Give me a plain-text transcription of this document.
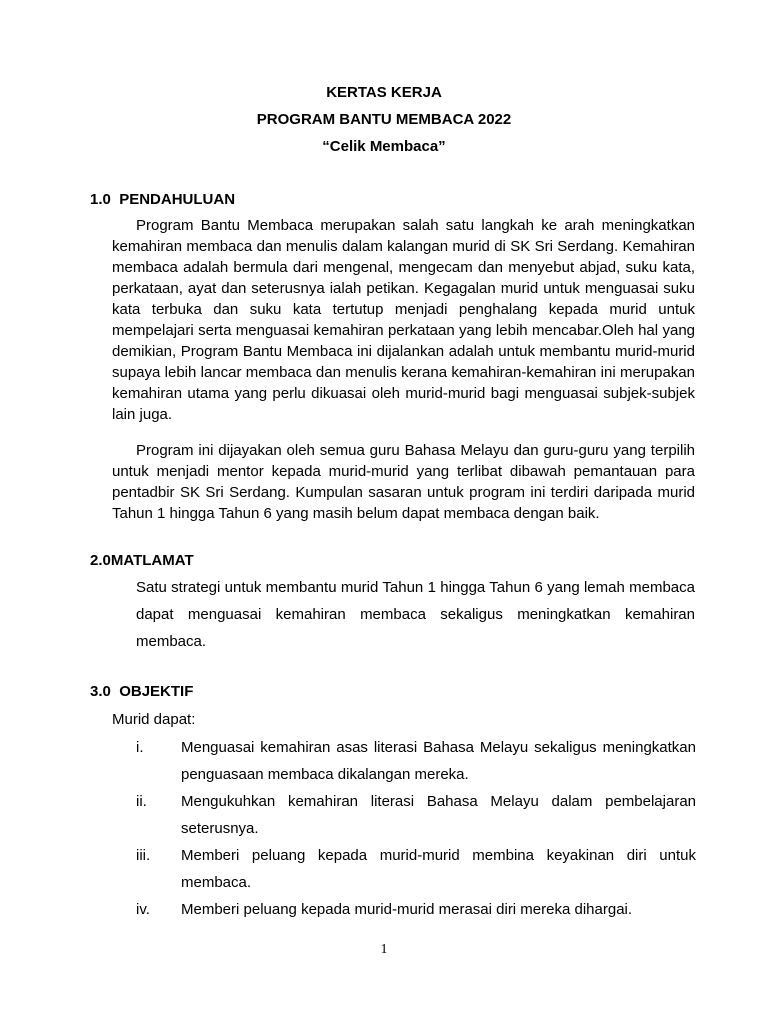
KERTAS KERJA
PROGRAM BANTU MEMBACA 2022
“Celik Membaca”
1.0 PENDAHULUAN
Program Bantu Membaca merupakan salah satu langkah ke arah meningkatkan kemahiran membaca dan menulis dalam kalangan murid di SK Sri Serdang. Kemahiran membaca adalah bermula dari mengenal, mengecam dan menyebut abjad, suku kata, perkataan, ayat dan seterusnya ialah petikan. Kegagalan murid untuk menguasai suku kata terbuka dan suku kata tertutup menjadi penghalang kepada murid untuk mempelajari serta menguasai kemahiran perkataan yang lebih mencabar.Oleh hal yang demikian, Program Bantu Membaca ini dijalankan adalah untuk membantu murid-murid supaya lebih lancar membaca dan menulis kerana kemahiran-kemahiran ini merupakan kemahiran utama yang perlu dikuasai oleh murid-murid bagi menguasai subjek-subjek lain juga.
Program ini dijayakan oleh semua guru Bahasa Melayu dan guru-guru yang terpilih untuk menjadi mentor kepada murid-murid yang terlibat dibawah pemantauan para pentadbir SK Sri Serdang. Kumpulan sasaran untuk program ini terdiri daripada murid Tahun 1 hingga Tahun 6 yang masih belum dapat membaca dengan baik.
2.0MATLAMAT
Satu strategi untuk membantu murid Tahun 1 hingga Tahun 6 yang lemah membaca dapat menguasai kemahiran membaca sekaligus meningkatkan kemahiran membaca.
3.0 OBJEKTIF
Murid dapat:
i.	Menguasai kemahiran asas literasi Bahasa Melayu sekaligus meningkatkan penguasaan membaca dikalangan mereka.
ii.	Mengukuhkan kemahiran literasi Bahasa Melayu dalam pembelajaran seterusnya.
iii.	Memberi peluang kepada murid-murid membina keyakinan diri untuk membaca.
iv.	Memberi peluang kepada murid-murid merasai diri mereka dihargai.
1
